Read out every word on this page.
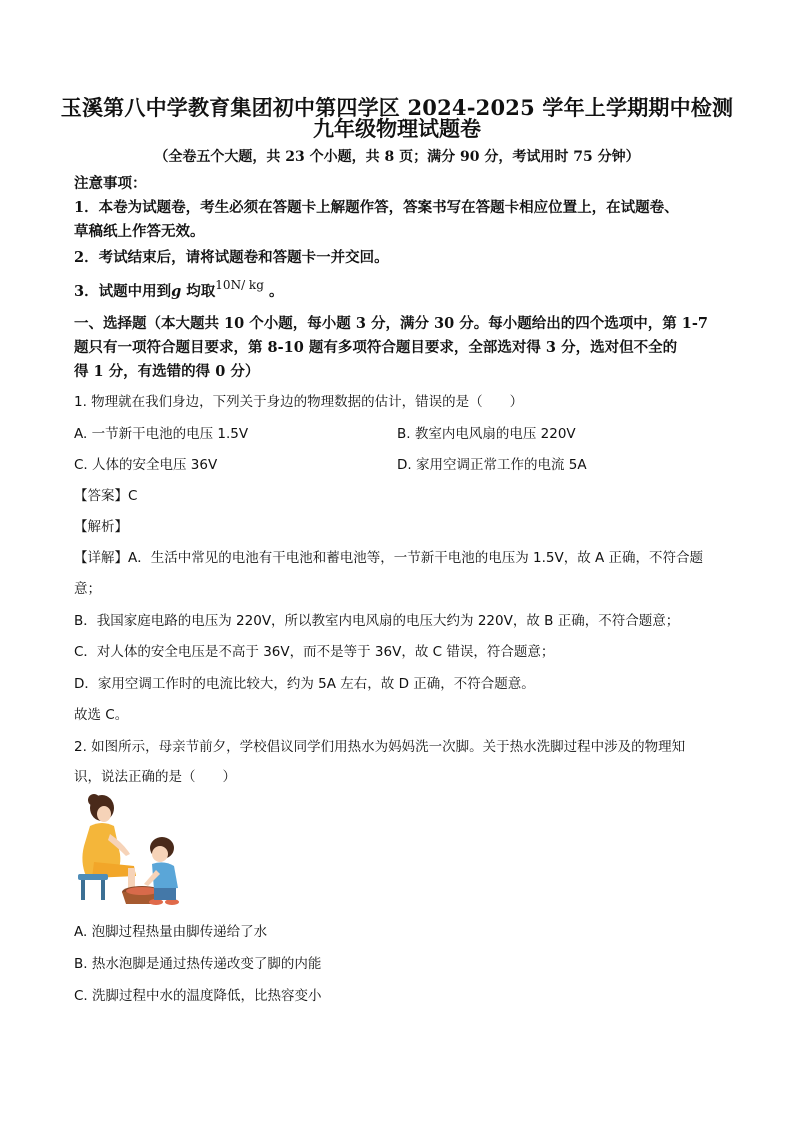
玉溪第八中学教育集团初中第四学区 2024-2025 学年上学期期中检测
九年级物理试题卷
（全卷五个大题，共 23 个小题，共 8 页；满分 90 分，考试用时 75 分钟）
注意事项：
1．本卷为试题卷，考生必须在答题卡上解题作答，答案书写在答题卡相应位置上，在试题卷、
草稿纸上作答无效。
2．考试结束后，请将试题卷和答题卡一并交回。
3．试题中用到g 均取$^{10N/ kg}$ 。
一、选择题（本大题共 10 个小题，每小题 3 分，满分 30 分。每小题给出的四个选项中，第 1-7
题只有一项符合题目要求，第 8-10 题有多项符合题目要求，全部选对得 3 分，选对但不全的
得 1 分，有选错的得 0 分）
1. 物理就在我们身边，下列关于身边的物理数据的估计，错误的是（　　）
A. 一节新干电池的电压 1.5V	B. 教室内电风扇的电压 220V
C. 人体的安全电压 36V	D. 家用空调正常工作的电流 5A
【答案】C
【解析】
【详解】A．生活中常见的电池有干电池和蓄电池等，一节新干电池的电压为 1.5V，故 A 正确，不符合题
意；
B．我国家庭电路的电压为 220V，所以教室内电风扇的电压大约为 220V，故 B 正确，不符合题意；
C．对人体的安全电压是不高于 36V，而不是等于 36V，故 C 错误，符合题意；
D．家用空调工作时的电流比较大，约为 5A 左右，故 D 正确，不符合题意。
故选 C。
2. 如图所示，母亲节前夕，学校倡议同学们用热水为妈妈洗一次脚。关于热水洗脚过程中涉及的物理知
识，说法正确的是（　　）
A. 泡脚过程热量由脚传递给了水
B. 热水泡脚是通过热传递改变了脚的内能
C. 洗脚过程中水的温度降低，比热容变小
